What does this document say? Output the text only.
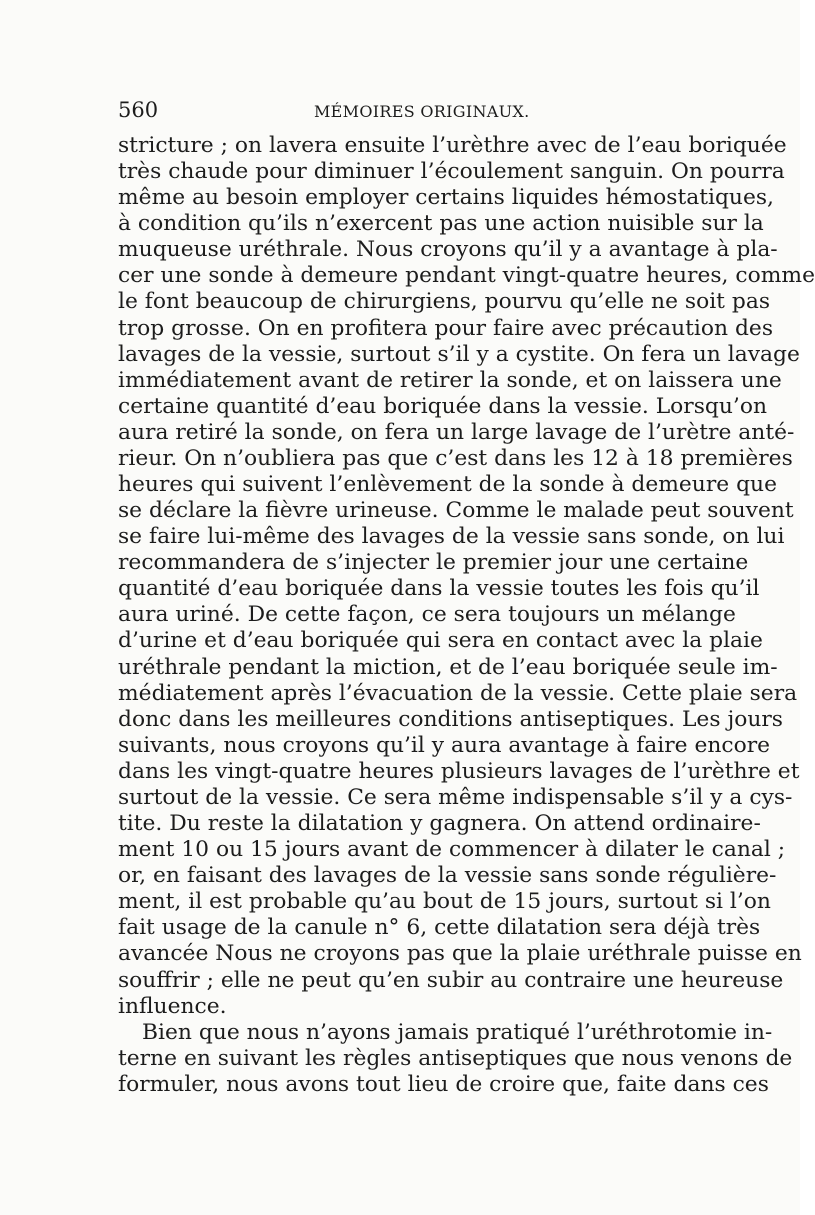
560	MÉMOIRES ORIGINAUX.
stricture ; on lavera ensuite l’urèthre avec de l’eau boriquée
très chaude pour diminuer l’écoulement sanguin. On pourra
même au besoin employer certains liquides hémostatiques,
à condition qu’ils n’exercent pas une action nuisible sur la
muqueuse uréthrale. Nous croyons qu’il y a avantage à pla-
cer une sonde à demeure pendant vingt-quatre heures, comme
le font beaucoup de chirurgiens, pourvu qu’elle ne soit pas
trop grosse. On en profitera pour faire avec précaution des
lavages de la vessie, surtout s’il y a cystite. On fera un lavage
immédiatement avant de retirer la sonde, et on laissera une
certaine quantité d’eau boriquée dans la vessie. Lorsqu’on
aura retiré la sonde, on fera un large lavage de l’urètre anté-
rieur. On n’oubliera pas que c’est dans les 12 à 18 premières
heures qui suivent l’enlèvement de la sonde à demeure que
se déclare la fièvre urineuse. Comme le malade peut souvent
se faire lui-même des lavages de la vessie sans sonde, on lui
recommandera de s’injecter le premier jour une certaine
quantité d’eau boriquée dans la vessie toutes les fois qu’il
aura uriné. De cette façon, ce sera toujours un mélange
d’urine et d’eau boriquée qui sera en contact avec la plaie
uréthrale pendant la miction, et de l’eau boriquée seule im-
médiatement après l’évacuation de la vessie. Cette plaie sera
donc dans les meilleures conditions antiseptiques. Les jours
suivants, nous croyons qu’il y aura avantage à faire encore
dans les vingt-quatre heures plusieurs lavages de l’urèthre et
surtout de la vessie. Ce sera même indispensable s’il y a cys-
tite. Du reste la dilatation y gagnera. On attend ordinaire-
ment 10 ou 15 jours avant de commencer à dilater le canal ;
or, en faisant des lavages de la vessie sans sonde régulière-
ment, il est probable qu’au bout de 15 jours, surtout si l’on
fait usage de la canule n° 6, cette dilatation sera déjà très
avancée Nous ne croyons pas que la plaie uréthrale puisse en
souffrir ; elle ne peut qu’en subir au contraire une heureuse
influence.
Bien que nous n’ayons jamais pratiqué l’uréthrotomie in-
terne en suivant les règles antiseptiques que nous venons de
formuler, nous avons tout lieu de croire que, faite dans ces
